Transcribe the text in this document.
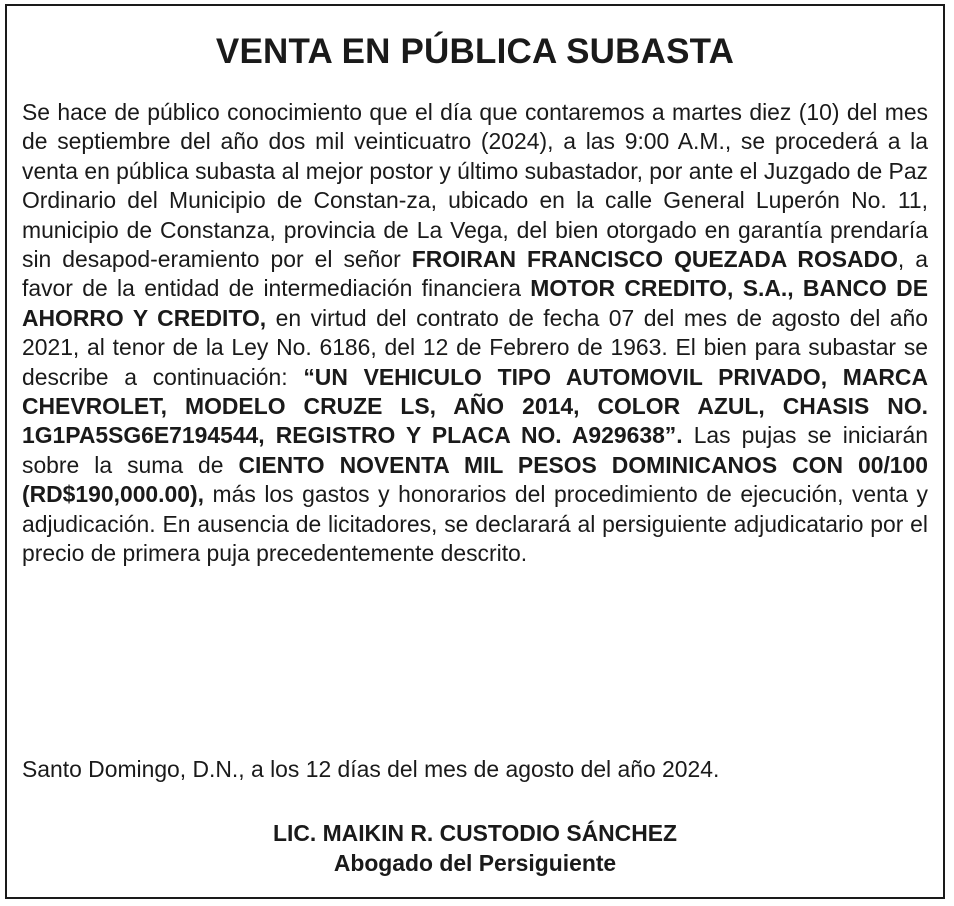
VENTA EN PÚBLICA SUBASTA

Se hace de público conocimiento que el día que contaremos a martes diez (10) del mes de septiembre del año dos mil veinticuatro (2024), a las 9:00 A.M., se procederá a la venta en pública subasta al mejor postor y último subastador, por ante el Juzgado de Paz Ordinario del Municipio de Constan-za, ubicado en la calle General Luperón No. 11, municipio de Constanza, provincia de La Vega, del bien otorgado en garantía prendaría sin desapod-eramiento por el señor FROIRAN FRANCISCO QUEZADA ROSADO, a favor de la entidad de intermediación financiera MOTOR CREDITO, S.A., BANCO DE AHORRO Y CREDITO, en virtud del contrato de fecha 07 del mes de agosto del año 2021, al tenor de la Ley No. 6186, del 12 de Febrero de 1963. El bien para subastar se describe a continuación: “UN VEHICULO TIPO AUTOMOVIL PRIVADO, MARCA CHEVROLET, MODELO CRUZE LS, AÑO 2014, COLOR AZUL, CHASIS NO. 1G1PA5SG6E7194544, REGISTRO Y PLACA NO. A929638”. Las pujas se iniciarán sobre la suma de CIENTO NOVENTA MIL PESOS DOMINICANOS CON 00/100 (RD$190,000.00), más los gastos y honorarios del procedimiento de ejecución, venta y adjudicación. En ausencia de licitadores, se declarará al persiguiente adjudicatario por el precio de primera puja precedentemente descrito.

Santo Domingo, D.N., a los 12 días del mes de agosto del año 2024.

LIC. MAIKIN R. CUSTODIO SÁNCHEZ

Abogado del Persiguiente
